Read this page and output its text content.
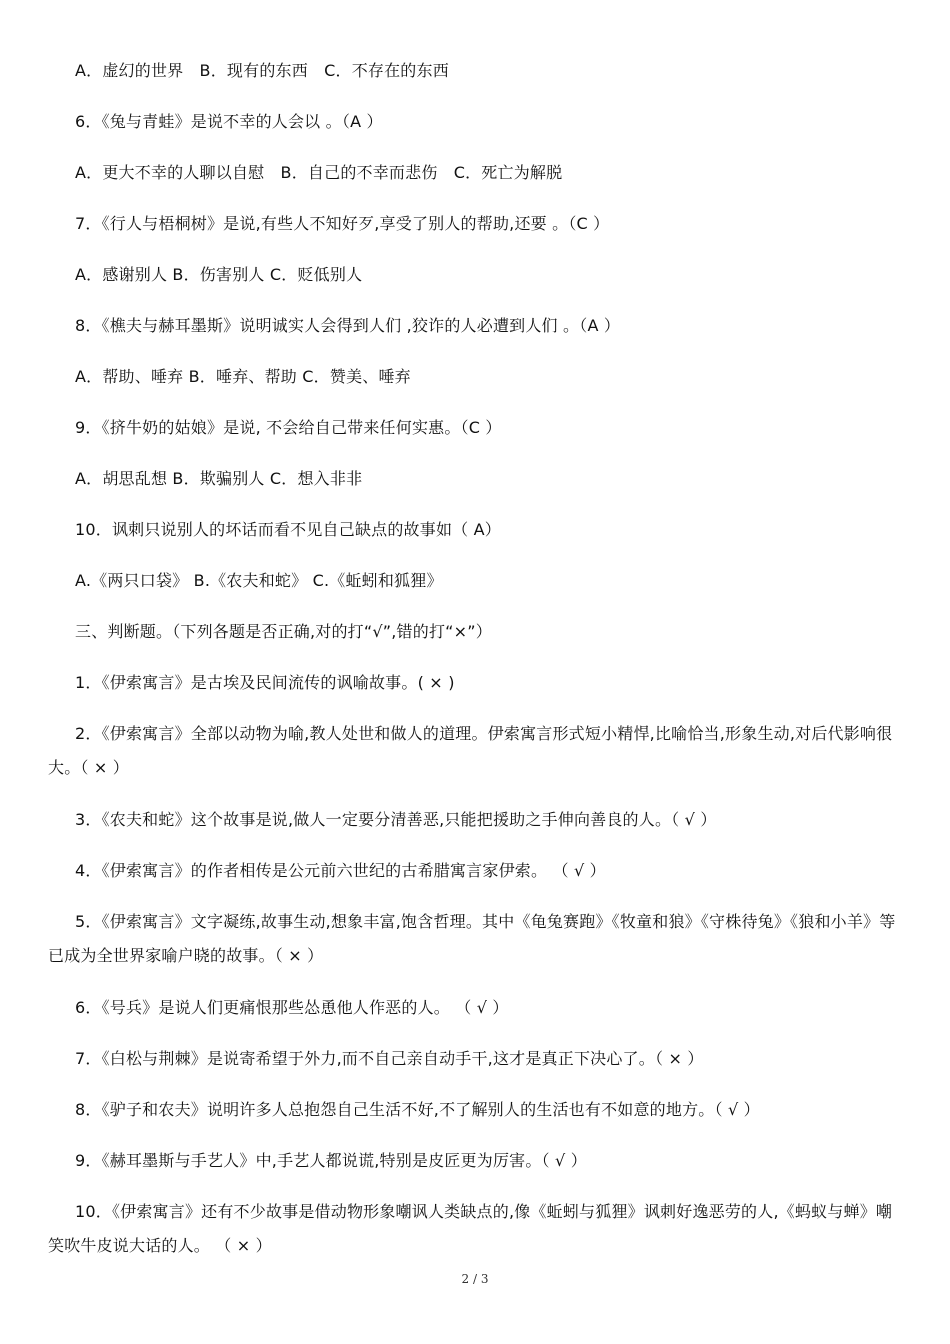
A．虚幻的世界　B．现有的东西　C．不存在的东西
6．《兔与青蛙》是说不幸的人会以 。（A ）
A．更大不幸的人聊以自慰　B．自己的不幸而悲伤　C．死亡为解脱
7．《行人与梧桐树》是说,有些人不知好歹,享受了别人的帮助,还要 。（C ）
A．感谢别人 B．伤害别人 C．贬低别人
8．《樵夫与赫耳墨斯》说明诚实人会得到人们 ,狡诈的人必遭到人们 。（A ）
A．帮助、唾弃 B．唾弃、帮助 C．赞美、唾弃
9．《挤牛奶的姑娘》是说, 不会给自己带来任何实惠。（C ）
A．胡思乱想 B．欺骗别人 C．想入非非
10．讽刺只说别人的坏话而看不见自己缺点的故事如（ A）
A.《两只口袋》 B.《农夫和蛇》 C.《蚯蚓和狐狸》
三、判断题。（下列各题是否正确,对的打“√”,错的打“×”）
1．《伊索寓言》是古埃及民间流传的讽喻故事。( × )
2．《伊索寓言》全部以动物为喻,教人处世和做人的道理。伊索寓言形式短小精悍,比喻恰当,形象生动,对后代影响很大。（ × ）
3．《农夫和蛇》这个故事是说,做人一定要分清善恶,只能把援助之手伸向善良的人。（ √ ）
4．《伊索寓言》的作者相传是公元前六世纪的古希腊寓言家伊索。 （ √ ）
5．《伊索寓言》文字凝练,故事生动,想象丰富,饱含哲理。其中《龟兔赛跑》《牧童和狼》《守株待兔》《狼和小羊》等已成为全世界家喻户晓的故事。（ × ）
6．《号兵》是说人们更痛恨那些怂恿他人作恶的人。 （ √ ）
7．《白松与荆棘》是说寄希望于外力,而不自己亲自动手干,这才是真正下决心了。（ × ）
8．《驴子和农夫》说明许多人总抱怨自己生活不好,不了解别人的生活也有不如意的地方。（ √ ）
9．《赫耳墨斯与手艺人》中,手艺人都说谎,特别是皮匠更为厉害。（ √ ）
10．《伊索寓言》还有不少故事是借动物形象嘲讽人类缺点的,像《蚯蚓与狐狸》讽刺好逸恶劳的人,《蚂蚁与蝉》嘲笑吹牛皮说大话的人。 （ × ）
2 / 3
